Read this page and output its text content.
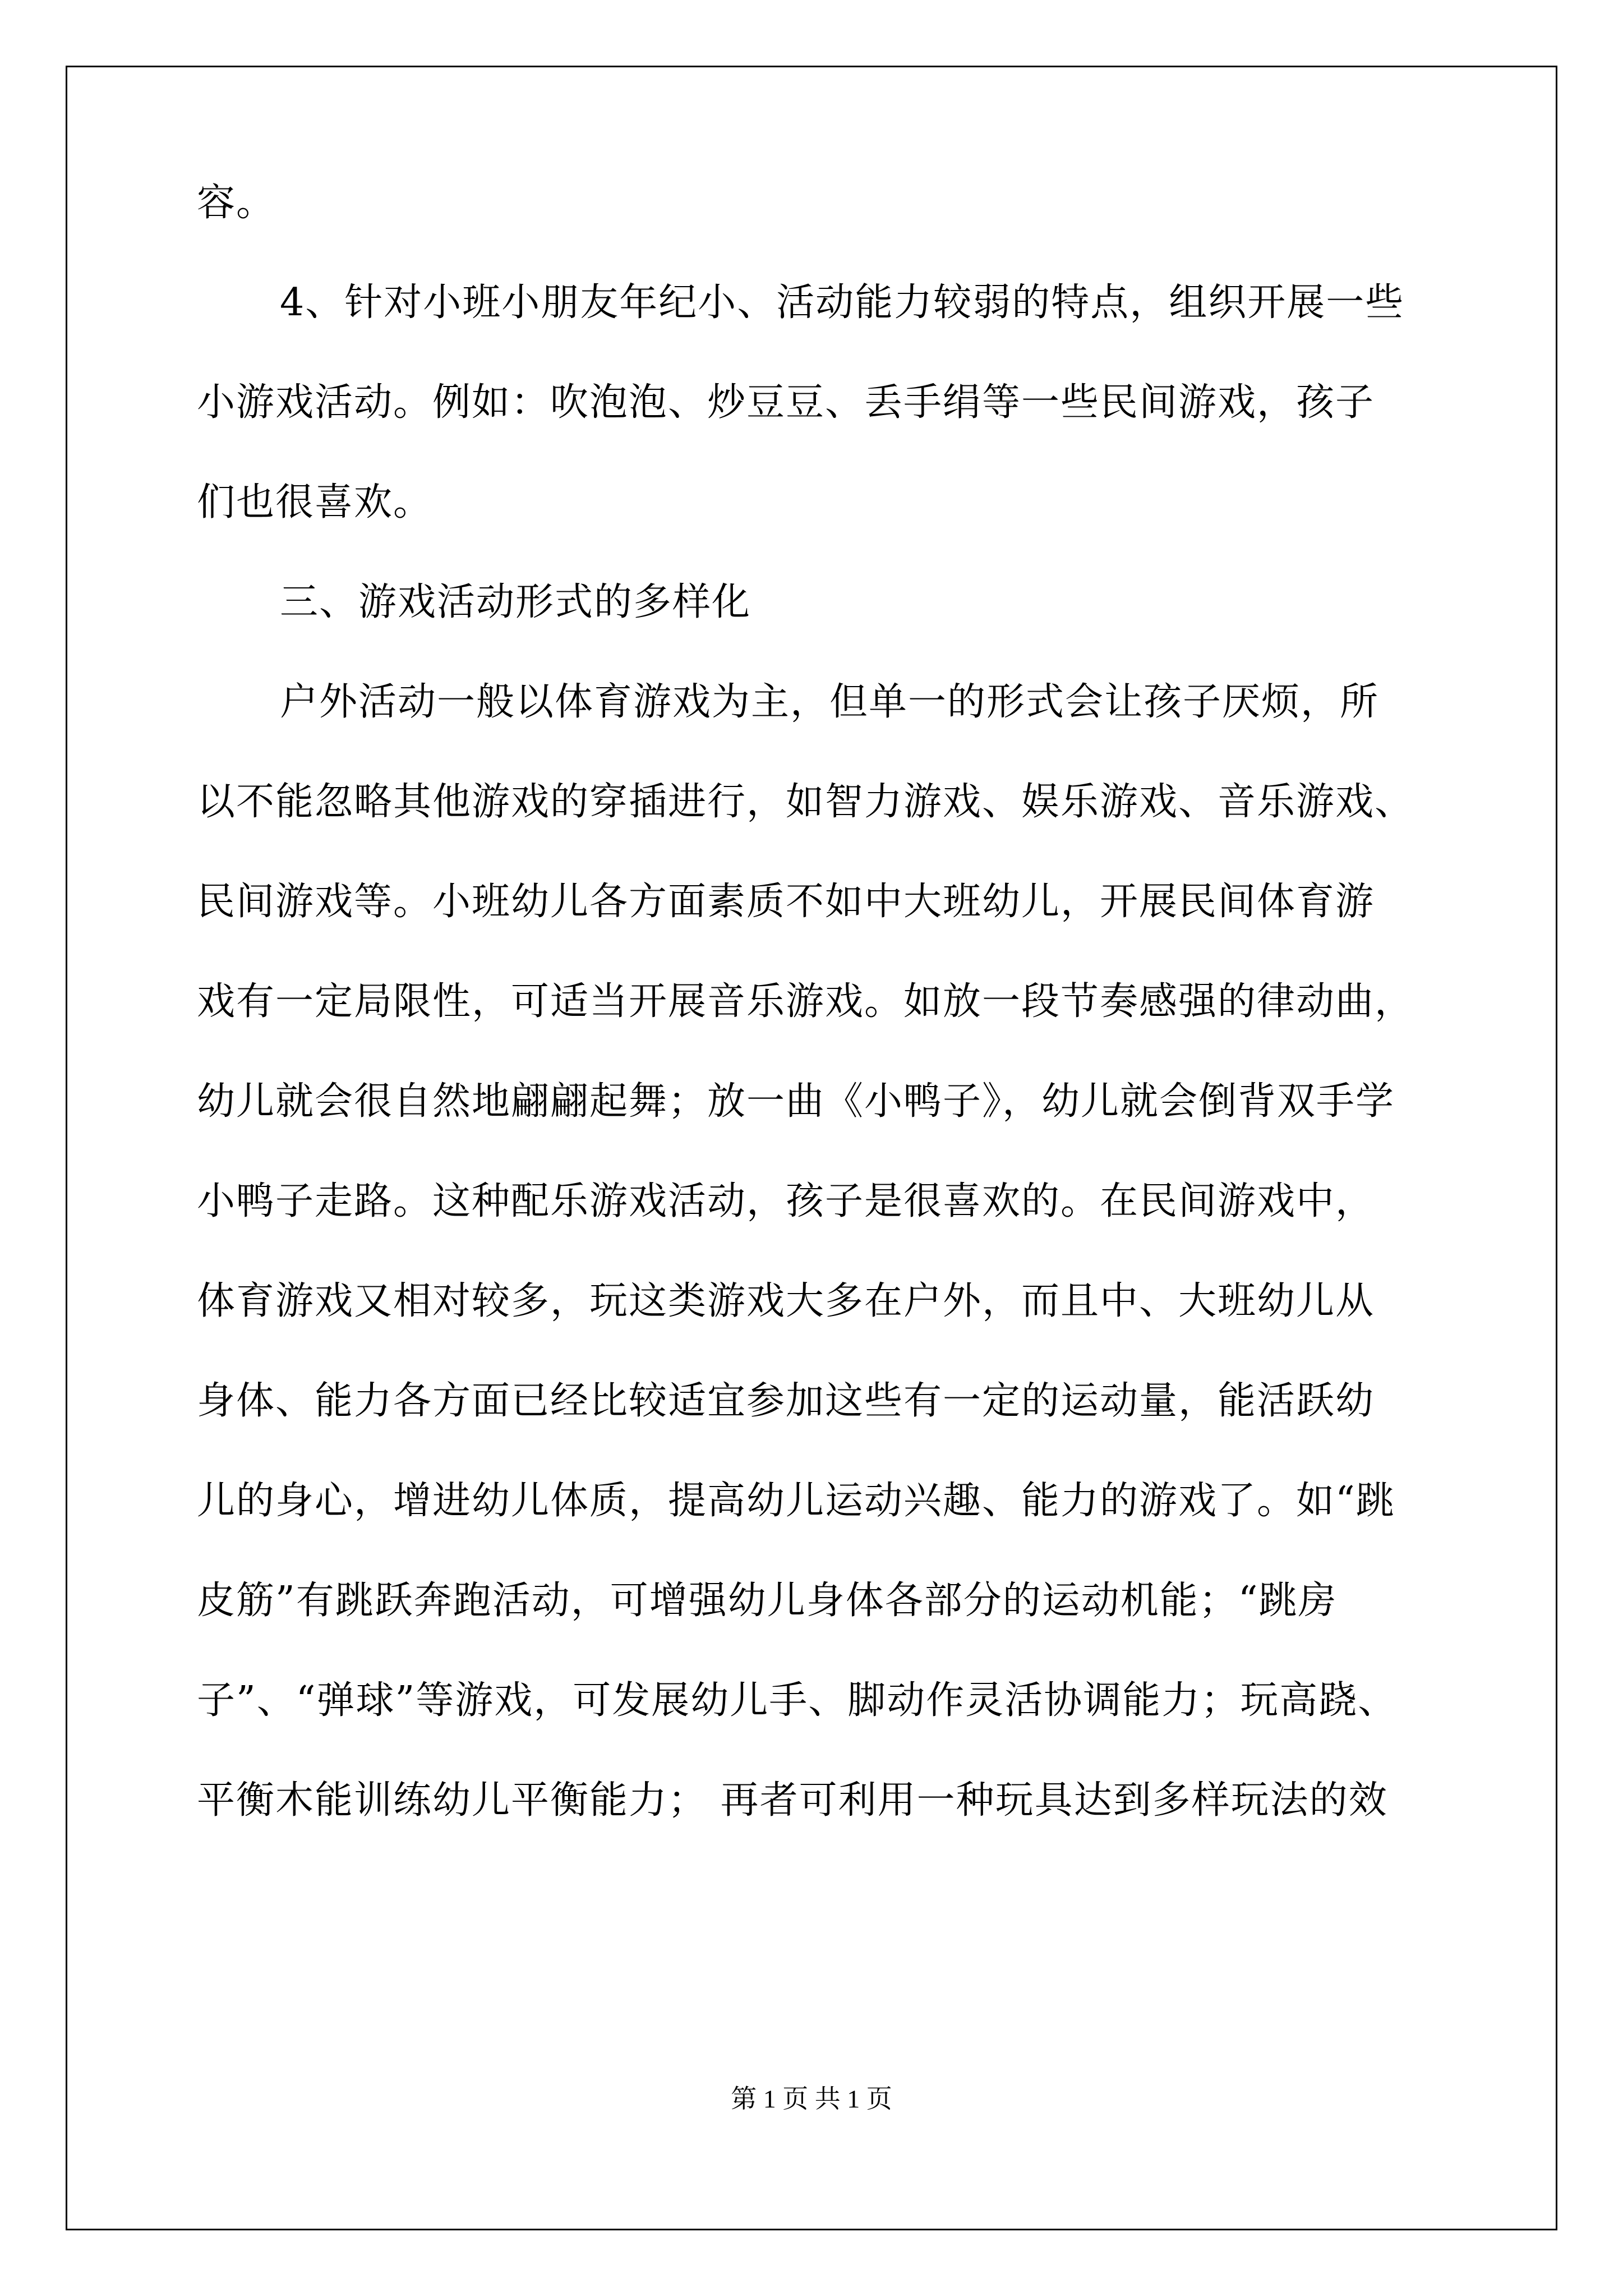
容。
4、针对小班小朋友年纪小、活动能力较弱的特点，组织开展一些
小游戏活动。例如：吹泡泡、炒豆豆、丢手绢等一些民间游戏，孩子
们也很喜欢。
三、游戏活动形式的多样化
户外活动一般以体育游戏为主，但单一的形式会让孩子厌烦，所
以不能忽略其他游戏的穿插进行，如智力游戏、娱乐游戏、音乐游戏、
民间游戏等。小班幼儿各方面素质不如中大班幼儿，开展民间体育游
戏有一定局限性，可适当开展音乐游戏。如放一段节奏感强的律动曲，
幼儿就会很自然地翩翩起舞；放一曲《小鸭子》，幼儿就会倒背双手学
小鸭子走路。这种配乐游戏活动，孩子是很喜欢的。在民间游戏中，
体育游戏又相对较多，玩这类游戏大多在户外，而且中、大班幼儿从
身体、能力各方面已经比较适宜参加这些有一定的运动量，能活跃幼
儿的身心，增进幼儿体质，提高幼儿运动兴趣、能力的游戏了。如“跳
皮筋”有跳跃奔跑活动，可增强幼儿身体各部分的运动机能；“跳房
子”、“弹球”等游戏，可发展幼儿手、脚动作灵活协调能力；玩高跷、
平衡木能训练幼儿平衡能力； 再者可利用一种玩具达到多样玩法的效
第 1 页 共 1 页
